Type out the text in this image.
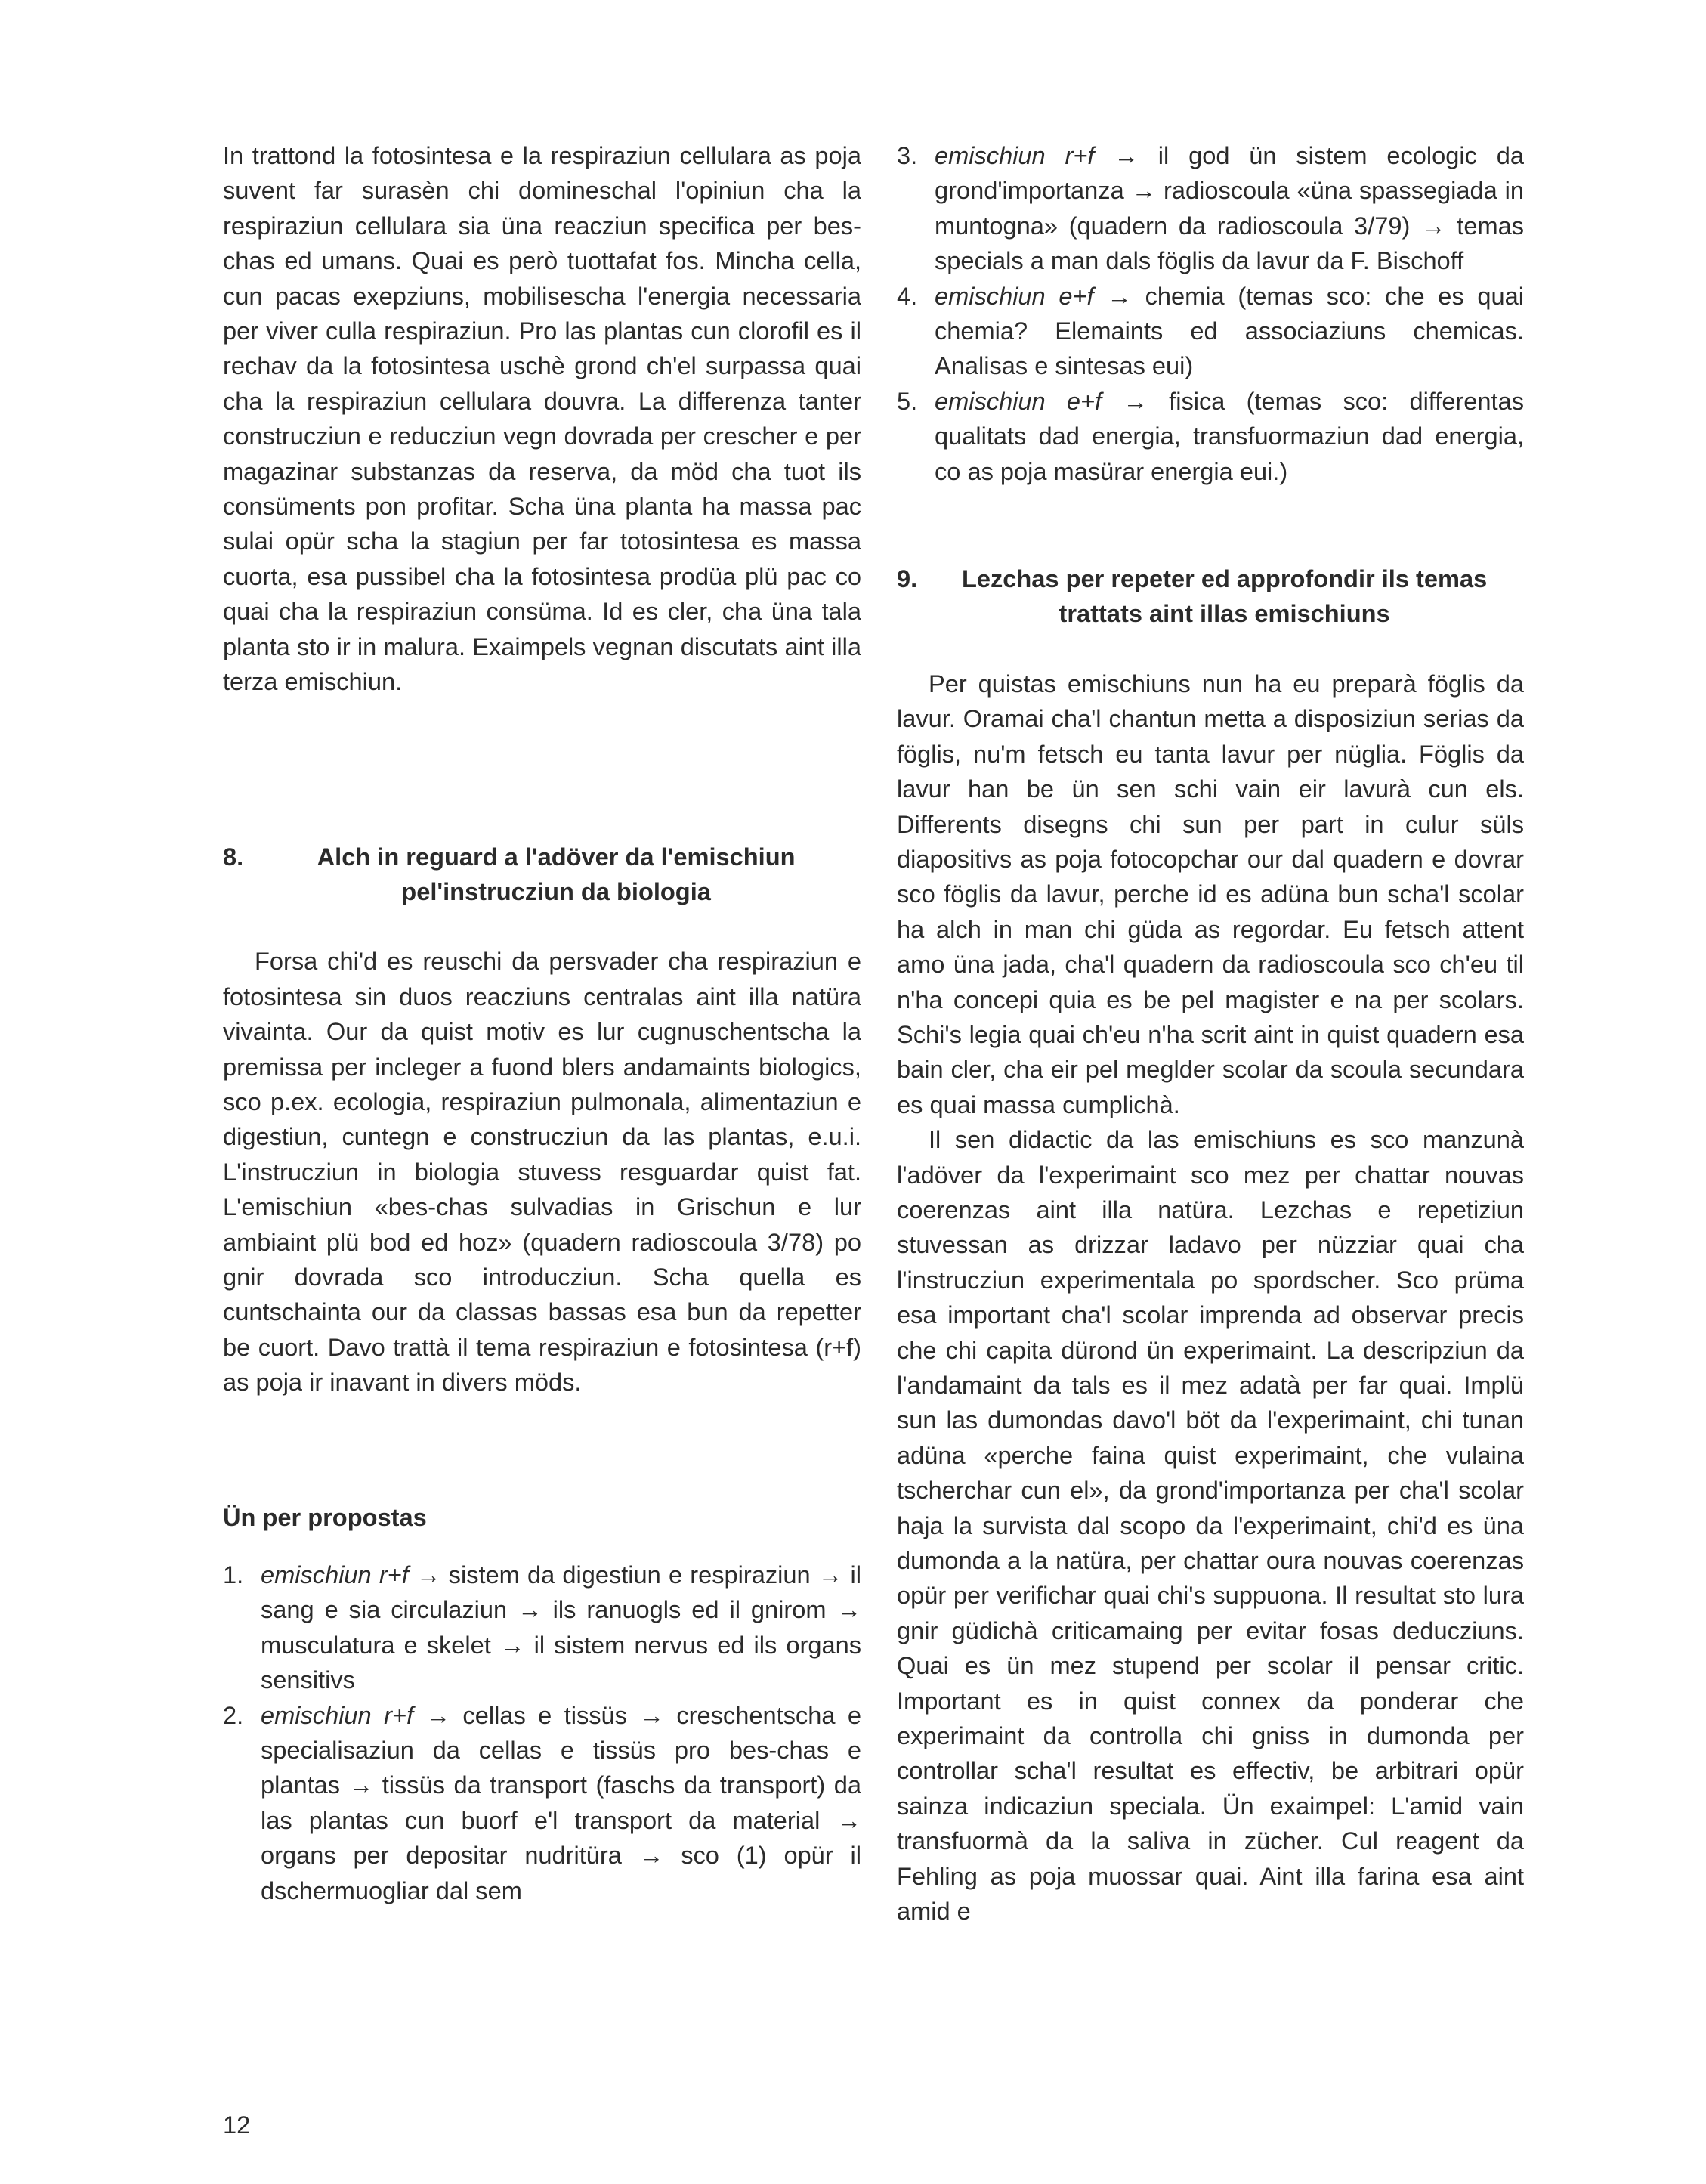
In trattond la fotosintesa e la respiraziun cellulara as poja suvent far surasèn chi domineschal l'opiniun cha la respiraziun cellulara sia üna reacziun specifica per bes-chas ed umans. Quai es però tuottafat fos. Mincha cella, cun pacas exepziuns, mobilisescha l'energia necessaria per viver culla respiraziun. Pro las plantas cun clorofil es il rechav da la fotosintesa uschè grond ch'el surpassa quai cha la respiraziun cellulara douvra. La differenza tanter construcziun e reducziun vegn dovrada per crescher e per magazinar substanzas da reserva, da möd cha tuot ils consüments pon profitar. Scha üna planta ha massa pac sulai opür scha la stagiun per far totosintesa es massa cuorta, esa pussibel cha la fotosintesa prodüa plü pac co quai cha la respiraziun consüma. Id es cler, cha üna tala planta sto ir in malura. Exaimpels vegnan discutats aint illa terza emischiun.

8.	Alch in reguard a l'adöver da l'emischiun pel'instrucziun da biologia

Forsa chi'd es reuschi da persvader cha respiraziun e fotosintesa sin duos reacziuns centralas aint illa natüra vivainta. Our da quist motiv es lur cugnuschentscha la premissa per incleger a fuond blers andamaints biologics, sco p.ex. ecologia, respiraziun pulmonala, alimentaziun e digestiun, cuntegn e construcziun da las plantas, e.u.i. L'instrucziun in biologia stuvess resguardar quist fat. L'emischiun «bes-chas sulvadias in Grischun e lur ambiaint plü bod ed hoz» (quadern radioscoula 3/78) po gnir dovrada sco introducziun. Scha quella es cuntschainta our da classas bassas esa bun da repetter be cuort. Davo trattà il tema respiraziun e fotosintesa (r+f) as poja ir inavant in divers möds.

Ün per propostas
1. emischiun r+f → sistem da digestiun e respiraziun → il sang e sia circulaziun → ils ranuogls ed il gnirom → musculatura e skelet → il sistem nervus ed ils organs sensitivs
2. emischiun r+f → cellas e tissüs → creschentscha e specialisaziun da cellas e tissüs pro bes-chas e plantas → tissüs da transport (faschs da transport) da las plantas cun buorf e'l transport da material → organs per depositar nudritüra → sco (1) opür il dschermuogliar dal sem
3. emischiun r+f → il god ün sistem ecologic da grond'importanza → radioscoula «üna spassegiada in muntogna» (quadern da radioscoula 3/79) → temas specials a man dals föglis da lavur da F. Bischoff
4. emischiun e+f → chemia (temas sco: che es quai chemia? Elemaints ed associaziuns chemicas. Analisas e sintesas eui)
5. emischiun e+f → fisica (temas sco: differentas qualitats dad energia, transfuormaziun dad energia, co as poja masürar energia eui.)
9.	Lezchas per repeter ed approfondir ils temas trattats aint illas emischiuns

Per quistas emischiuns nun ha eu preparà föglis da lavur. Oramai cha'l chantun metta a disposiziun serias da föglis, nu'm fetsch eu tanta lavur per nüglia. Föglis da lavur han be ün sen schi vain eir lavurà cun els. Differents disegns chi sun per part in culur süls diapositivs as poja fotocopchar our dal quadern e dovrar sco föglis da lavur, perche id es adüna bun scha'l scolar ha alch in man chi güda as regordar. Eu fetsch attent amo üna jada, cha'l quadern da radioscoula sco ch'eu til n'ha concepi quia es be pel magister e na per scolars. Schi's legia quai ch'eu n'ha scrit aint in quist quadern esa bain cler, cha eir pel meglder scolar da scoula secundara es quai massa cumplichà.

Il sen didactic da las emischiuns es sco manzunà l'adöver da l'experimaint sco mez per chattar nouvas coerenzas aint illa natüra. Lezchas e repetiziun stuvessan as drizzar ladavo per nüzziar quai cha l'instrucziun experimentala po spordscher. Sco prüma esa important cha'l scolar imprenda ad observar precis che chi capita dürond ün experimaint. La descripziun da l'andamaint da tals es il mez adatà per far quai. Implü sun las dumondas davo'l böt da l'experimaint, chi tunan adüna «perche faina quist experimaint, che vulaina tscherchar cun el», da grond'importanza per cha'l scolar haja la survista dal scopo da l'experimaint, chi'd es üna dumonda a la natüra, per chattar oura nouvas coerenzas opür per verifichar quai chi's suppuona. Il resultat sto lura gnir güdichà criticamaing per evitar fosas deducziuns. Quai es ün mez stupend per scolar il pensar critic. Important es in quist connex da ponderar che experimaint da controlla chi gniss in dumonda per controllar scha'l resultat es effectiv, be arbitrari opür sainza indicaziun speciala. Ün exaimpel: L'amid vain transfuormà da la saliva in zücher. Cul reagent da Fehling as poja muossar quai. Aint illa farina esa aint amid e

12
